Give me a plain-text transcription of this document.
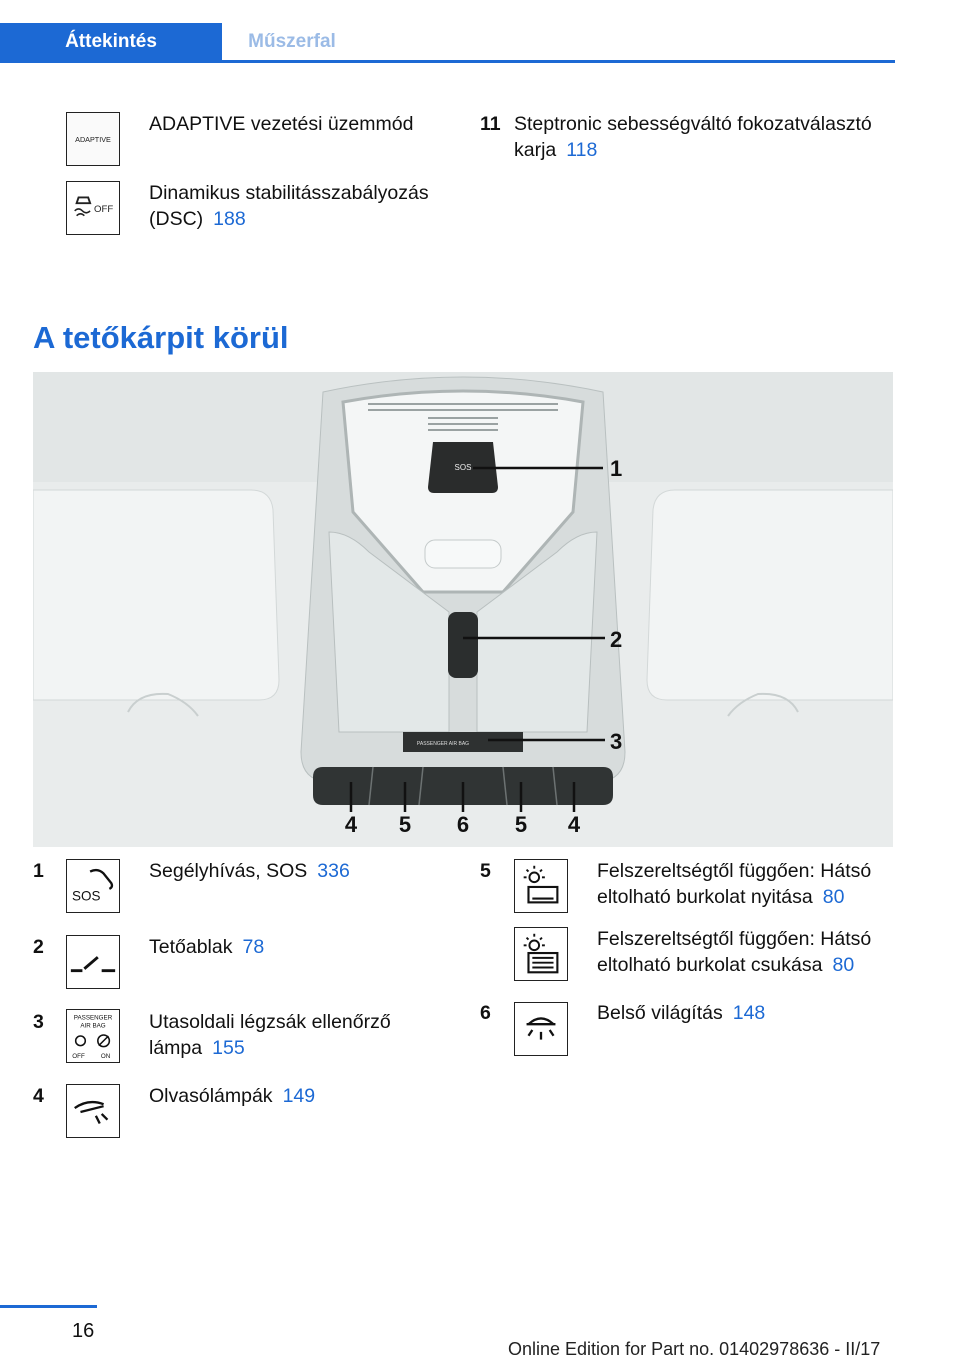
Áttekintés	Műszerfal
ADAPTIVE
ADAPTIVE vezetési üzemmód
OFF
Dinamikus stabilitásszabályozás (DSC) 188
11 Steptronic sebességváltó fokozatválasztó karja 118
A tetőkárpit körül
SOS
PASSENGER AIR BAG
1
2
3
4 5 6 5 4
1
SOS
Segélyhívás, SOS 336
2	Tetőablak 78
3	PASSENGER
AIR BAG
OFF ON
Utasoldali légzsák ellenőrző lámpa 155
4	Olvasólámpák 149
5	Felszereltségtől függően: Hátsó eltolható burkolat nyitása 80
Felszereltségtől függően: Hátsó eltolható burkolat csukása 80
6	Belső világítás 148
16
Online Edition for Part no. 01402978636 - II/17
